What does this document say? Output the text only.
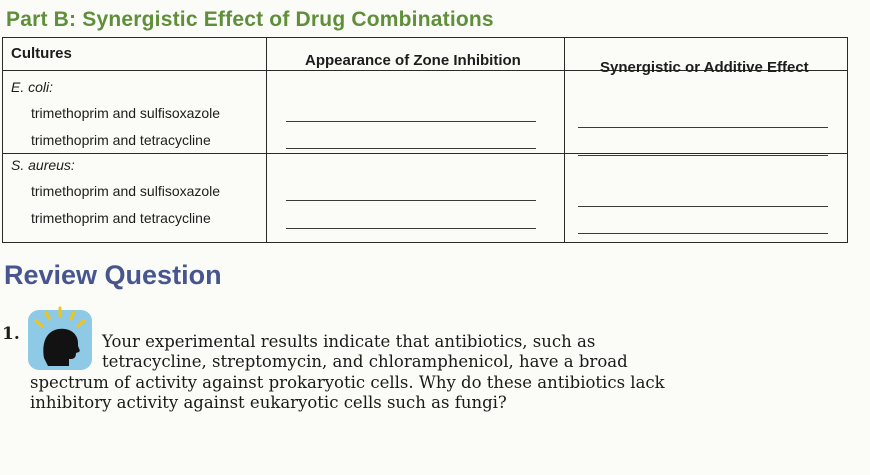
Part B: Synergistic Effect of Drug Combinations
Cultures	Appearance of Zone Inhibition	Synergistic or Additive Effect
E. coli:
trimethoprim and sulfisoxazole
trimethoprim and tetracycline
S. aureus:
trimethoprim and sulfisoxazole
trimethoprim and tetracycline
Review Question
1.	Your experimental results indicate that antibiotics, such as
tetracycline, streptomycin, and chloramphenicol, have a broad
spectrum of activity against prokaryotic cells. Why do these antibiotics lack
inhibitory activity against eukaryotic cells such as fungi?
